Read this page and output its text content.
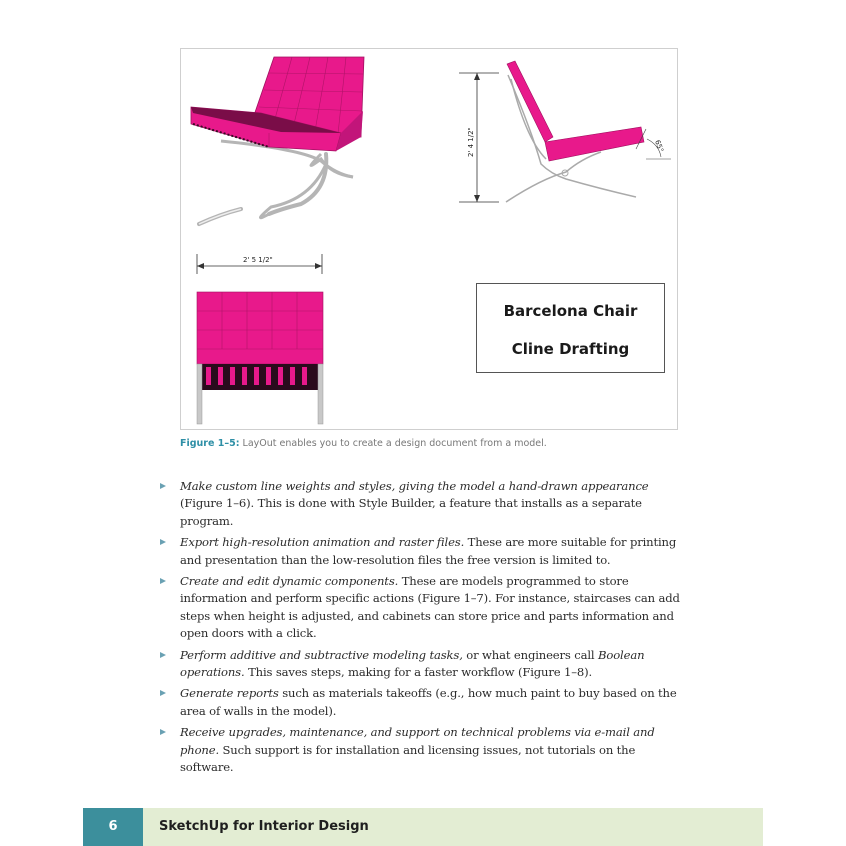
2' 4 1/2"	65°
2' 5 1/2"
Barcelona Chair
Cline Drafting
Figure 1–5: LayOut enables you to create a design document from a model.
Make custom line weights and styles, giving the model a hand-drawn appearance (Figure 1–6). This is done with Style Builder, a feature that installs as a separate program.
Export high-resolution animation and raster files. These are more suitable for printing and presentation than the low-resolution files the free version is limited to.
Create and edit dynamic components. These are models programmed to store information and perform specific actions (Figure 1–7). For instance, staircases can add steps when height is adjusted, and cabinets can store price and parts information and open doors with a click.
Perform additive and subtractive modeling tasks, or what engineers call Boolean operations. This saves steps, making for a faster workflow (Figure 1–8).
Generate reports such as materials takeoffs (e.g., how much paint to buy based on the area of walls in the model).
Receive upgrades, maintenance, and support on technical problems via e-mail and phone. Such support is for installation and licensing issues, not tutorials on the software.
6	SketchUp for Interior Design
